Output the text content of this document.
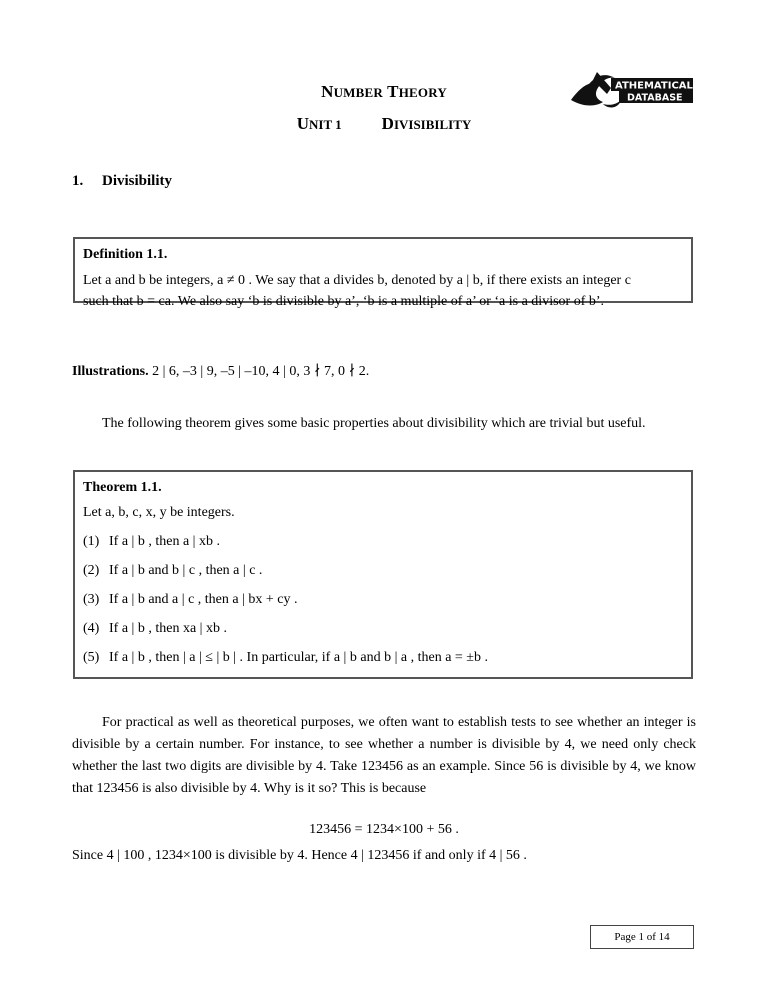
NUMBER THEORY
UNIT 1 DIVISIBILITY
ATHEMATICAL
DATABASE
1. Divisibility
Definition 1.1.
Let a and b be integers, a ≠ 0 . We say that a divides b, denoted by a | b, if there exists an integer c
such that b = ca. We also say ‘b is divisible by a’, ‘b is a multiple of a’ or ‘a is a divisor of b’.
Illustrations. 2 | 6, –3 | 9, –5 | –10, 4 | 0, 3 ∤ 7, 0 ∤ 2.
The following theorem gives some basic properties about divisibility which are trivial but useful.
Theorem 1.1.
Let a, b, c, x, y be integers.
(1) If a | b , then a | xb .
(2) If a | b and b | c , then a | c .
(3) If a | b and a | c , then a | bx + cy .
(4) If a | b , then xa | xb .
(5) If a | b , then | a | ≤ | b | . In particular, if a | b and b | a , then a = ±b .
For practical as well as theoretical purposes, we often want to establish tests to see whether an integer is divisible by a certain number. For instance, to see whether a number is divisible by 4, we need only check whether the last two digits are divisible by 4. Take 123456 as an example. Since 56 is divisible by 4, we know that 123456 is also divisible by 4. Why is it so? This is because
123456 = 1234×100 + 56 .
Since 4 | 100 , 1234×100 is divisible by 4. Hence 4 | 123456 if and only if 4 | 56 .
Page 1 of 14
